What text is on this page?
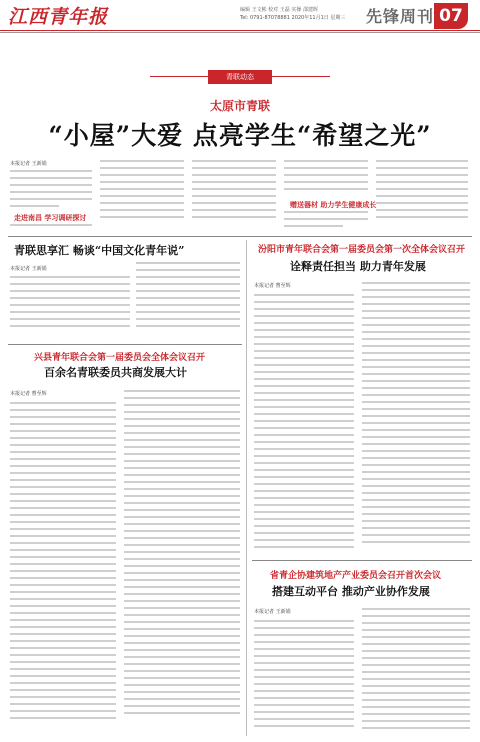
江西青年报	编辑 王文彬 校对 王磊 实操 邵建晖
Tel: 0791-87078881 2020年11月1日 星期三 先锋周刊 07
青联动态
太原市青联
“小屋”大爱 点亮学生“希望之光”
本报记者 王新娟
走进南昌 学习调研探讨
赠送器材 助力学生健康成长
青联思享汇 畅谈“中国文化青年说”
本报记者 王新娟
汾阳市青年联合会第一届委员会第一次全体会议召开
诠释责任担当 助力青年发展
本报记者 曹至辉
兴县青年联合会第一届委员会全体会议召开
百余名青联委员共商发展大计
本报记者 曹至辉
省青企协建筑地产产业委员会召开首次会议
搭建互动平台 推动产业协作发展
本报记者 王新娟
